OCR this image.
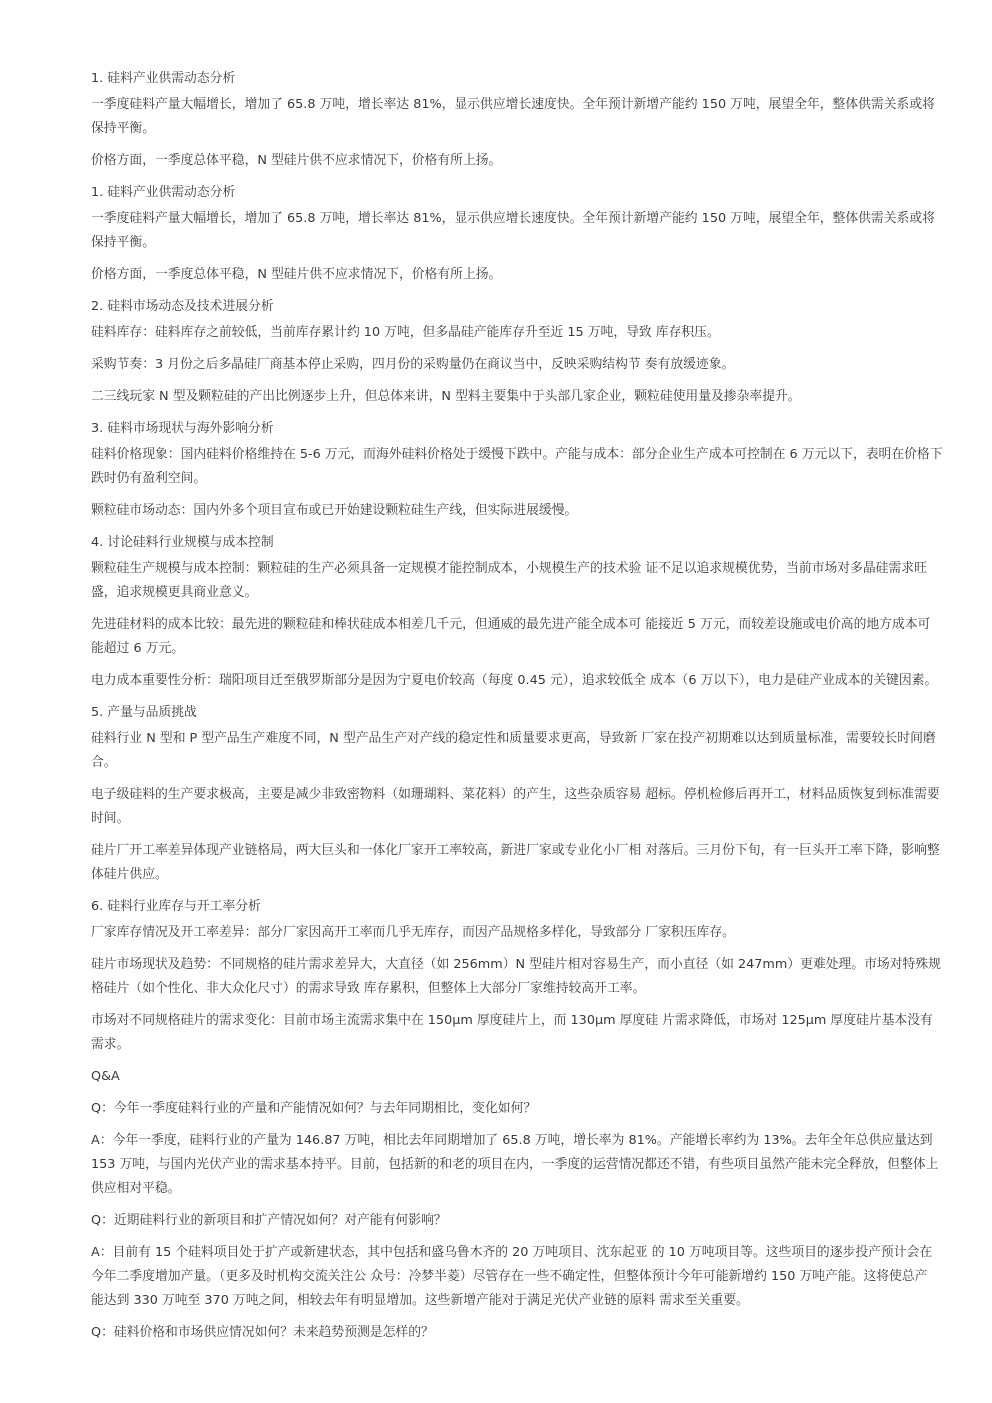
1. 硅料产业供需动态分析

一季度硅料产量大幅增长，增加了 65.8 万吨，增长率达 81%，显示供应增长速度快。全年预计新增产能约 150 万吨，展望全年，整体供需关系或将保持平衡。

价格方面，一季度总体平稳，N 型硅片供不应求情况下，价格有所上扬。

1. 硅料产业供需动态分析

一季度硅料产量大幅增长，增加了 65.8 万吨，增长率达 81%，显示供应增长速度快。全年预计新增产能约 150 万吨，展望全年，整体供需关系或将保持平衡。

价格方面，一季度总体平稳，N 型硅片供不应求情况下，价格有所上扬。

2. 硅料市场动态及技术进展分析

硅料库存：硅料库存之前较低，当前库存累计约 10 万吨，但多晶硅产能库存升至近 15 万吨，导致 库存积压。

采购节奏：3 月份之后多晶硅厂商基本停止采购，四月份的采购量仍在商议当中，反映采购结构节 奏有放缓迹象。

二三线玩家 N 型及颗粒硅的产出比例逐步上升，但总体来讲，N 型料主要集中于头部几家企业，颗粒硅使用量及掺杂率提升。

3. 硅料市场现状与海外影响分析

硅料价格现象：国内硅料价格维持在 5-6 万元，而海外硅料价格处于缓慢下跌中。产能与成本：部分企业生产成本可控制在 6 万元以下，表明在价格下跌时仍有盈利空间。

颗粒硅市场动态：国内外多个项目宣布或已开始建设颗粒硅生产线，但实际进展缓慢。

4. 讨论硅料行业规模与成本控制

颗粒硅生产规模与成本控制：颗粒硅的生产必须具备一定规模才能控制成本，小规模生产的技术验 证不足以追求规模优势，当前市场对多晶硅需求旺盛，追求规模更具商业意义。

先进硅材料的成本比较：最先进的颗粒硅和棒状硅成本相差几千元，但通威的最先进产能全成本可 能接近 5 万元，而较差设施或电价高的地方成本可能超过 6 万元。

电力成本重要性分析：瑞阳项目迁至俄罗斯部分是因为宁夏电价较高（每度 0.45 元），追求较低全 成本（6 万以下），电力是硅产业成本的关键因素。

5. 产量与品质挑战

硅料行业 N 型和 P 型产品生产难度不同，N 型产品生产对产线的稳定性和质量要求更高，导致新 厂家在投产初期难以达到质量标准，需要较长时间磨合。

电子级硅料的生产要求极高，主要是减少非致密物料（如珊瑚料、菜花料）的产生，这些杂质容易 超标。停机检修后再开工，材料品质恢复到标准需要时间。

硅片厂开工率差异体现产业链格局，两大巨头和一体化厂家开工率较高，新进厂家或专业化小厂相 对落后。三月份下旬，有一巨头开工率下降，影响整体硅片供应。

6. 硅料行业库存与开工率分析

厂家库存情况及开工率差异：部分厂家因高开工率而几乎无库存，而因产品规格多样化，导致部分 厂家积压库存。

硅片市场现状及趋势：不同规格的硅片需求差异大，大直径（如 256mm）N 型硅片相对容易生产，而小直径（如 247mm）更难处理。市场对特殊规格硅片（如个性化、非大众化尺寸）的需求导致 库存累积，但整体上大部分厂家维持较高开工率。

市场对不同规格硅片的需求变化：目前市场主流需求集中在 150μm 厚度硅片上，而 130μm 厚度硅 片需求降低，市场对 125μm 厚度硅片基本没有需求。

Q&A

Q：今年一季度硅料行业的产量和产能情况如何？与去年同期相比，变化如何？

A：今年一季度，硅料行业的产量为 146.87 万吨，相比去年同期增加了 65.8 万吨，增长率为 81%。产能增长率约为 13%。去年全年总供应量达到 153 万吨，与国内光伏产业的需求基本持平。目前，包括新的和老的项目在内，一季度的运营情况都还不错，有些项目虽然产能未完全释放，但整体上 供应相对平稳。

Q：近期硅料行业的新项目和扩产情况如何？对产能有何影响？

A：目前有 15 个硅料项目处于扩产或新建状态，其中包括和盛乌鲁木齐的 20 万吨项目、沈东起亚 的 10 万吨项目等。这些项目的逐步投产预计会在今年二季度增加产量。（更多及时机构交流关注公 众号：冷梦半菱）尽管存在一些不确定性，但整体预计今年可能新增约 150 万吨产能。这将使总产 能达到 330 万吨至 370 万吨之间，相较去年有明显增加。这些新增产能对于满足光伏产业链的原料 需求至关重要。

Q：硅料价格和市场供应情况如何？未来趋势预测是怎样的？
